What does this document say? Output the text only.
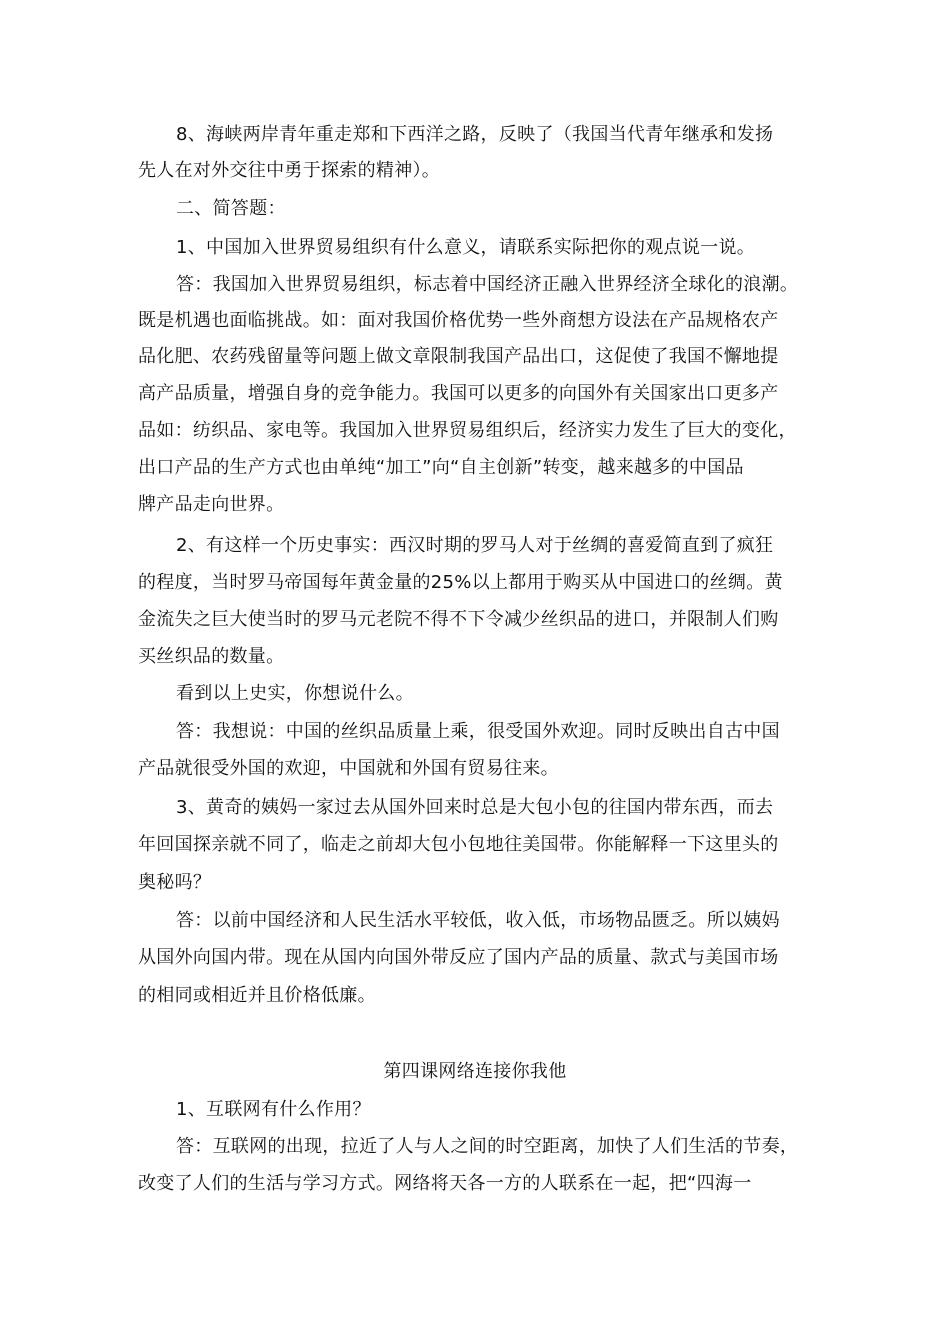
8、海峡两岸青年重走郑和下西洋之路，反映了（我国当代青年继承和发扬
先人在对外交往中勇于探索的精神）。
二、简答题：
1、中国加入世界贸易组织有什么意义，请联系实际把你的观点说一说。
答：我国加入世界贸易组织，标志着中国经济正融入世界经济全球化的浪潮。
既是机遇也面临挑战。如：面对我国价格优势一些外商想方设法在产品规格农产
品化肥、农药残留量等问题上做文章限制我国产品出口，这促使了我国不懈地提
高产品质量，增强自身的竞争能力。我国可以更多的向国外有关国家出口更多产
品如：纺织品、家电等。我国加入世界贸易组织后，经济实力发生了巨大的变化，
出口产品的生产方式也由单纯“加工”向“自主创新”转变，越来越多的中国品
牌产品走向世界。
2、有这样一个历史事实：西汉时期的罗马人对于丝绸的喜爱简直到了疯狂
的程度，当时罗马帝国每年黄金量的25%以上都用于购买从中国进口的丝绸。黄
金流失之巨大使当时的罗马元老院不得不下令减少丝织品的进口，并限制人们购
买丝织品的数量。
看到以上史实，你想说什么。
答：我想说：中国的丝织品质量上乘，很受国外欢迎。同时反映出自古中国
产品就很受外国的欢迎，中国就和外国有贸易往来。
3、黄奇的姨妈一家过去从国外回来时总是大包小包的往国内带东西，而去
年回国探亲就不同了，临走之前却大包小包地往美国带。你能解释一下这里头的
奥秘吗？
答：以前中国经济和人民生活水平较低，收入低，市场物品匮乏。所以姨妈
从国外向国内带。现在从国内向国外带反应了国内产品的质量、款式与美国市场
的相同或相近并且价格低廉。
第四课网络连接你我他
1、互联网有什么作用？
答：互联网的出现，拉近了人与人之间的时空距离，加快了人们生活的节奏，
改变了人们的生活与学习方式。网络将天各一方的人联系在一起，把“四海一
